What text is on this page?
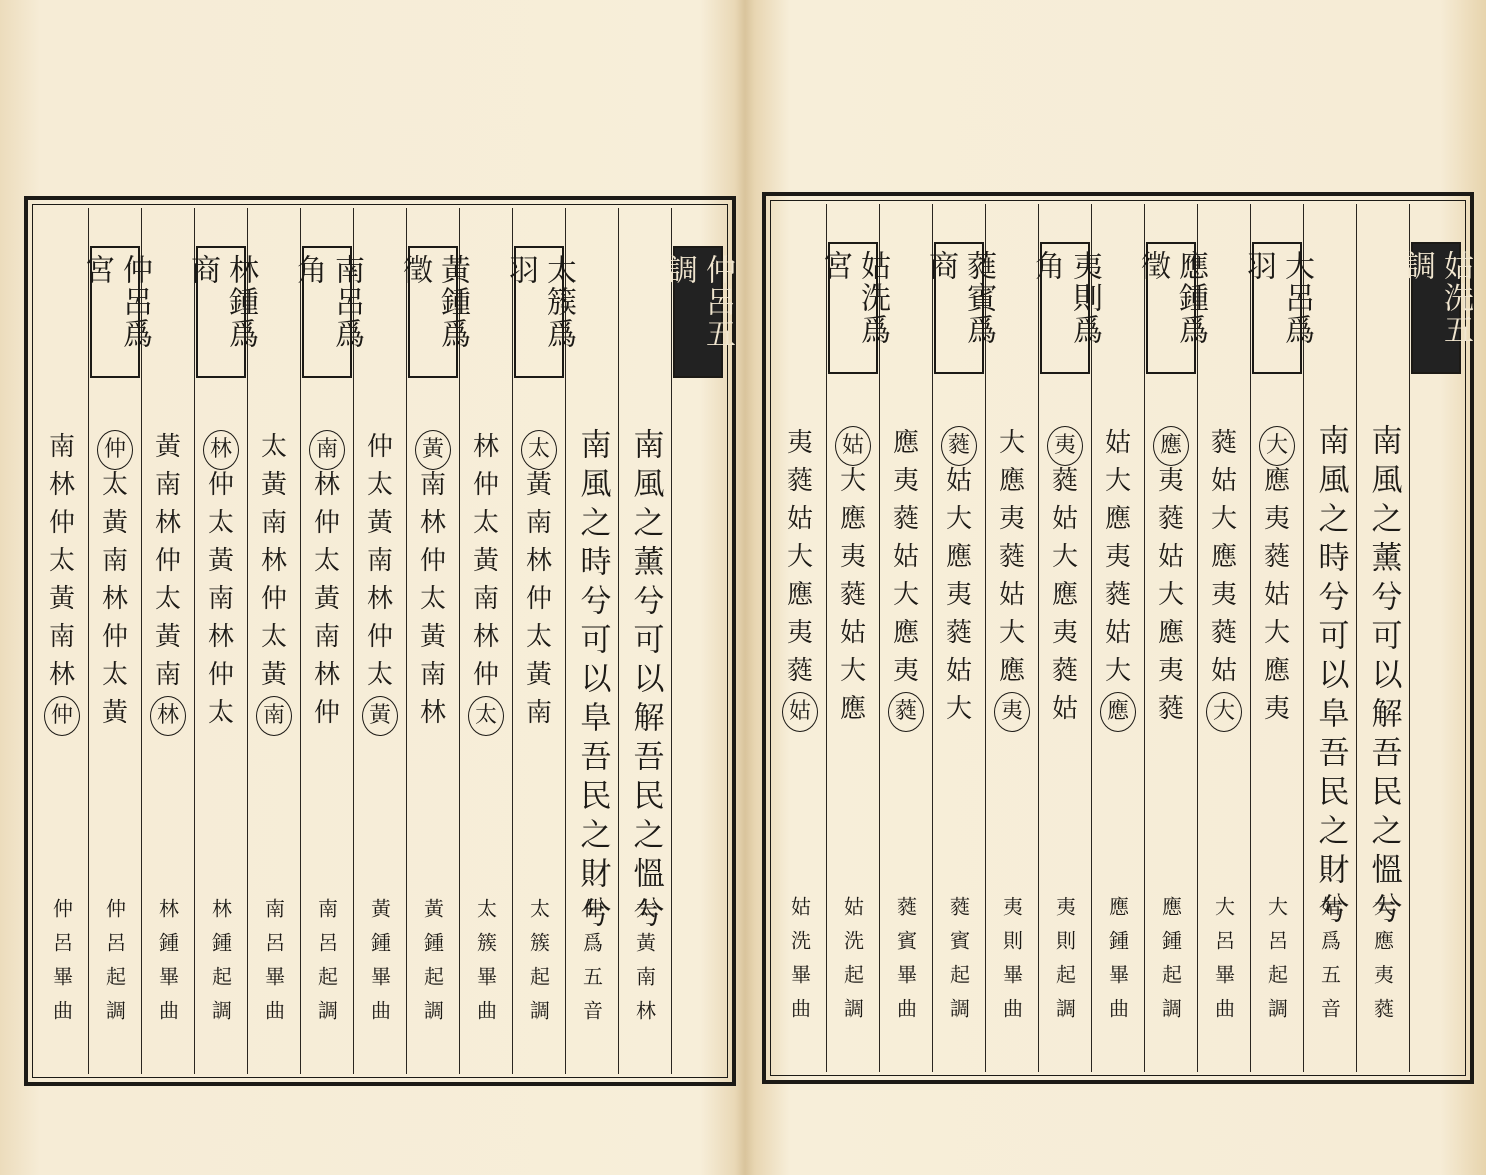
仲呂五調
南風之薰兮可以解吾民之慍兮
太黃南林
南風之時兮可以阜吾民之財兮
仲爲五音
太簇爲羽
太
黃
南
林
仲
太
黃
南
太簇起調
林
仲
太
黃
南
林
仲
太
太簇畢曲
黃鍾爲徵
黃
南
林
仲
太
黃
南
林
黃鍾起調
仲
太
黃
南
林
仲
太
黃
黃鍾畢曲
南呂爲角
南
林
仲
太
黃
南
林
仲
南呂起調
太
黃
南
林
仲
太
黃
南
南呂畢曲
林鍾爲商
林
仲
太
黃
南
林
仲
太
林鍾起調
黃
南
林
仲
太
黃
南
林
林鍾畢曲
仲呂爲宮
仲
太
黃
南
林
仲
太
黃
仲呂起調
南
林
仲
太
黃
南
林
仲
仲呂畢曲
姑洗五調
南風之薰兮可以解吾民之慍兮
大應夷蕤
南風之時兮可以阜吾民之財兮
姑爲五音
大呂爲羽
大
應
夷
蕤
姑
大
應
夷
大呂起調
蕤
姑
大
應
夷
蕤
姑
大
大呂畢曲
應鍾爲徵
應
夷
蕤
姑
大
應
夷
蕤
應鍾起調
姑
大
應
夷
蕤
姑
大
應
應鍾畢曲
夷則爲角
夷
蕤
姑
大
應
夷
蕤
姑
夷則起調
大
應
夷
蕤
姑
大
應
夷
夷則畢曲
蕤賓爲商
蕤
姑
大
應
夷
蕤
姑
大
蕤賓起調
應
夷
蕤
姑
大
應
夷
蕤
蕤賓畢曲
姑洗爲宮
姑
大
應
夷
蕤
姑
大
應
姑洗起調
夷
蕤
姑
大
應
夷
蕤
姑
姑洗畢曲
